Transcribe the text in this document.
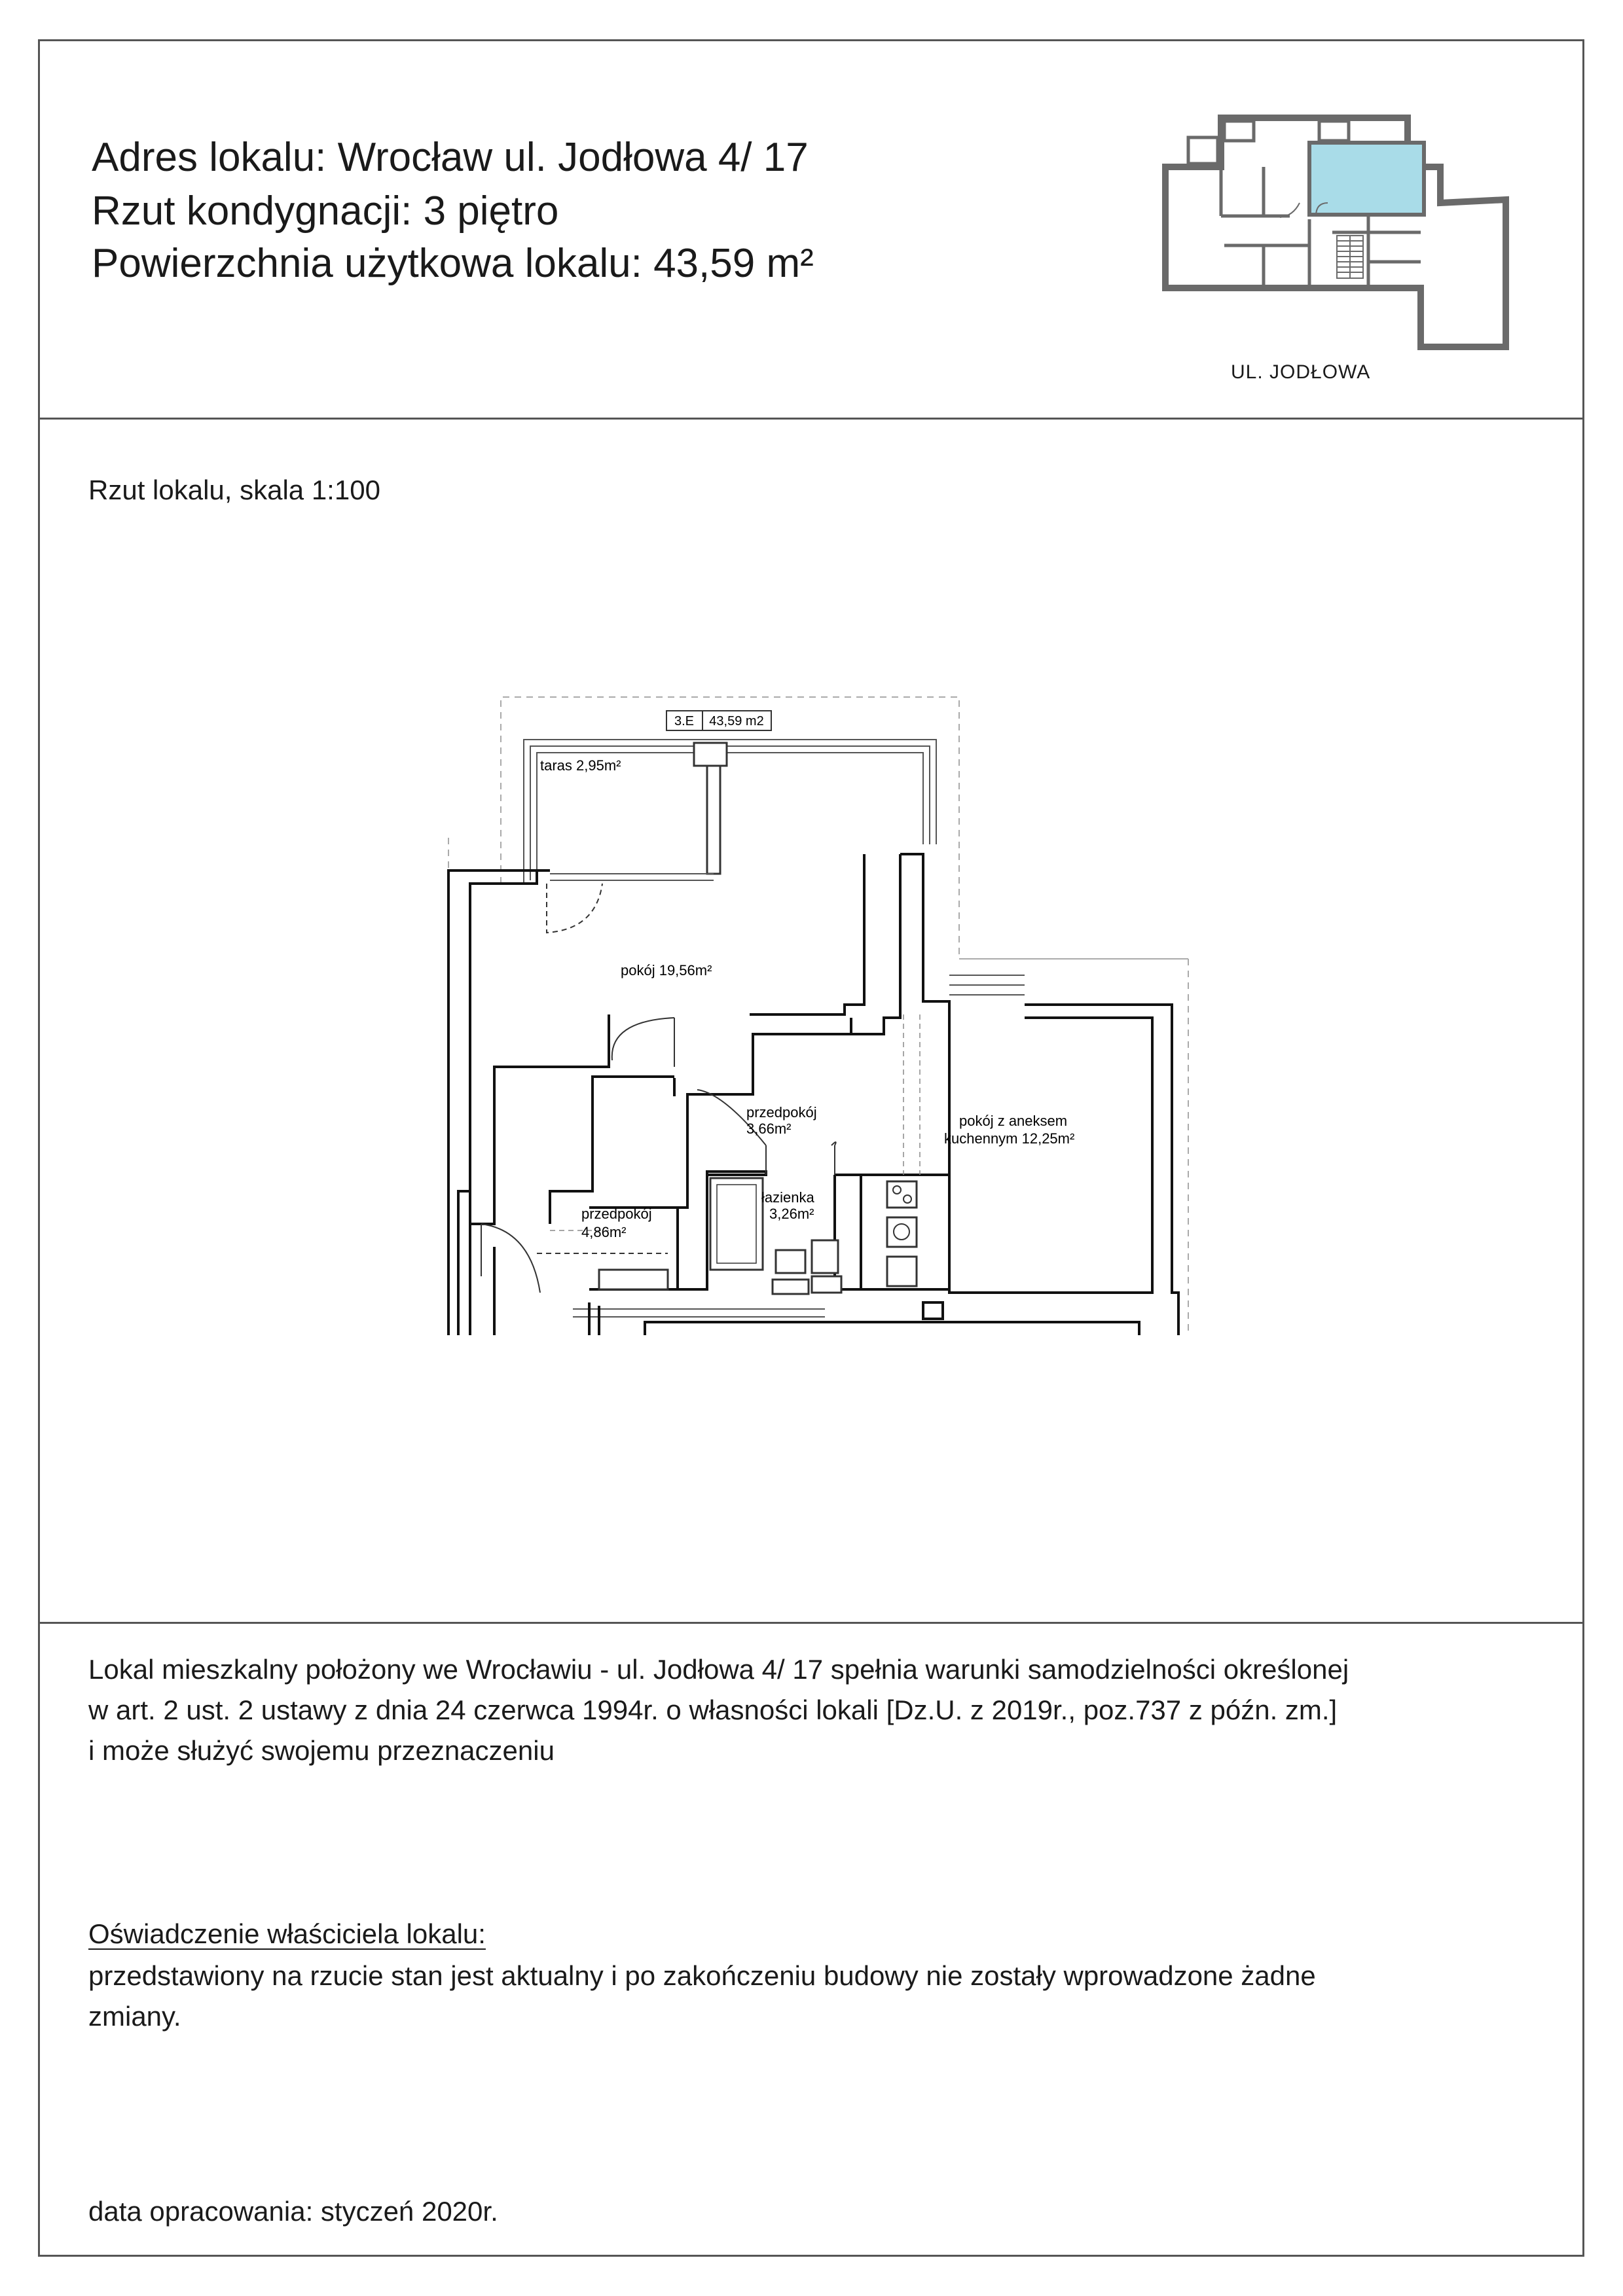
Adres lokalu: Wrocław ul. Jodłowa 4/ 17
Rzut kondygnacji: 3 piętro
Powierzchnia użytkowa lokalu: 43,59 m²
UL. JODŁOWA
Rzut lokalu, skala 1:100
3.E 43,59 m2
taras 2,95m²
pokój 19,56m²
przedpokój
3,66m²	pokój z aneksem
kuchennym 12,25m²
łazienka
3,26m²
przedpokój
4,86m²
Lokal mieszkalny położony we Wrocławiu - ul. Jodłowa 4/ 17 spełnia warunki samodzielności określonej
w art. 2 ust. 2 ustawy z dnia 24 czerwca 1994r. o własności lokali [Dz.U. z 2019r., poz.737 z późn. zm.]
i może służyć swojemu przeznaczeniu
Oświadczenie właściciela lokalu:
przedstawiony na rzucie stan jest aktualny i po zakończeniu budowy nie zostały wprowadzone żadne
zmiany.
data opracowania: styczeń 2020r.
